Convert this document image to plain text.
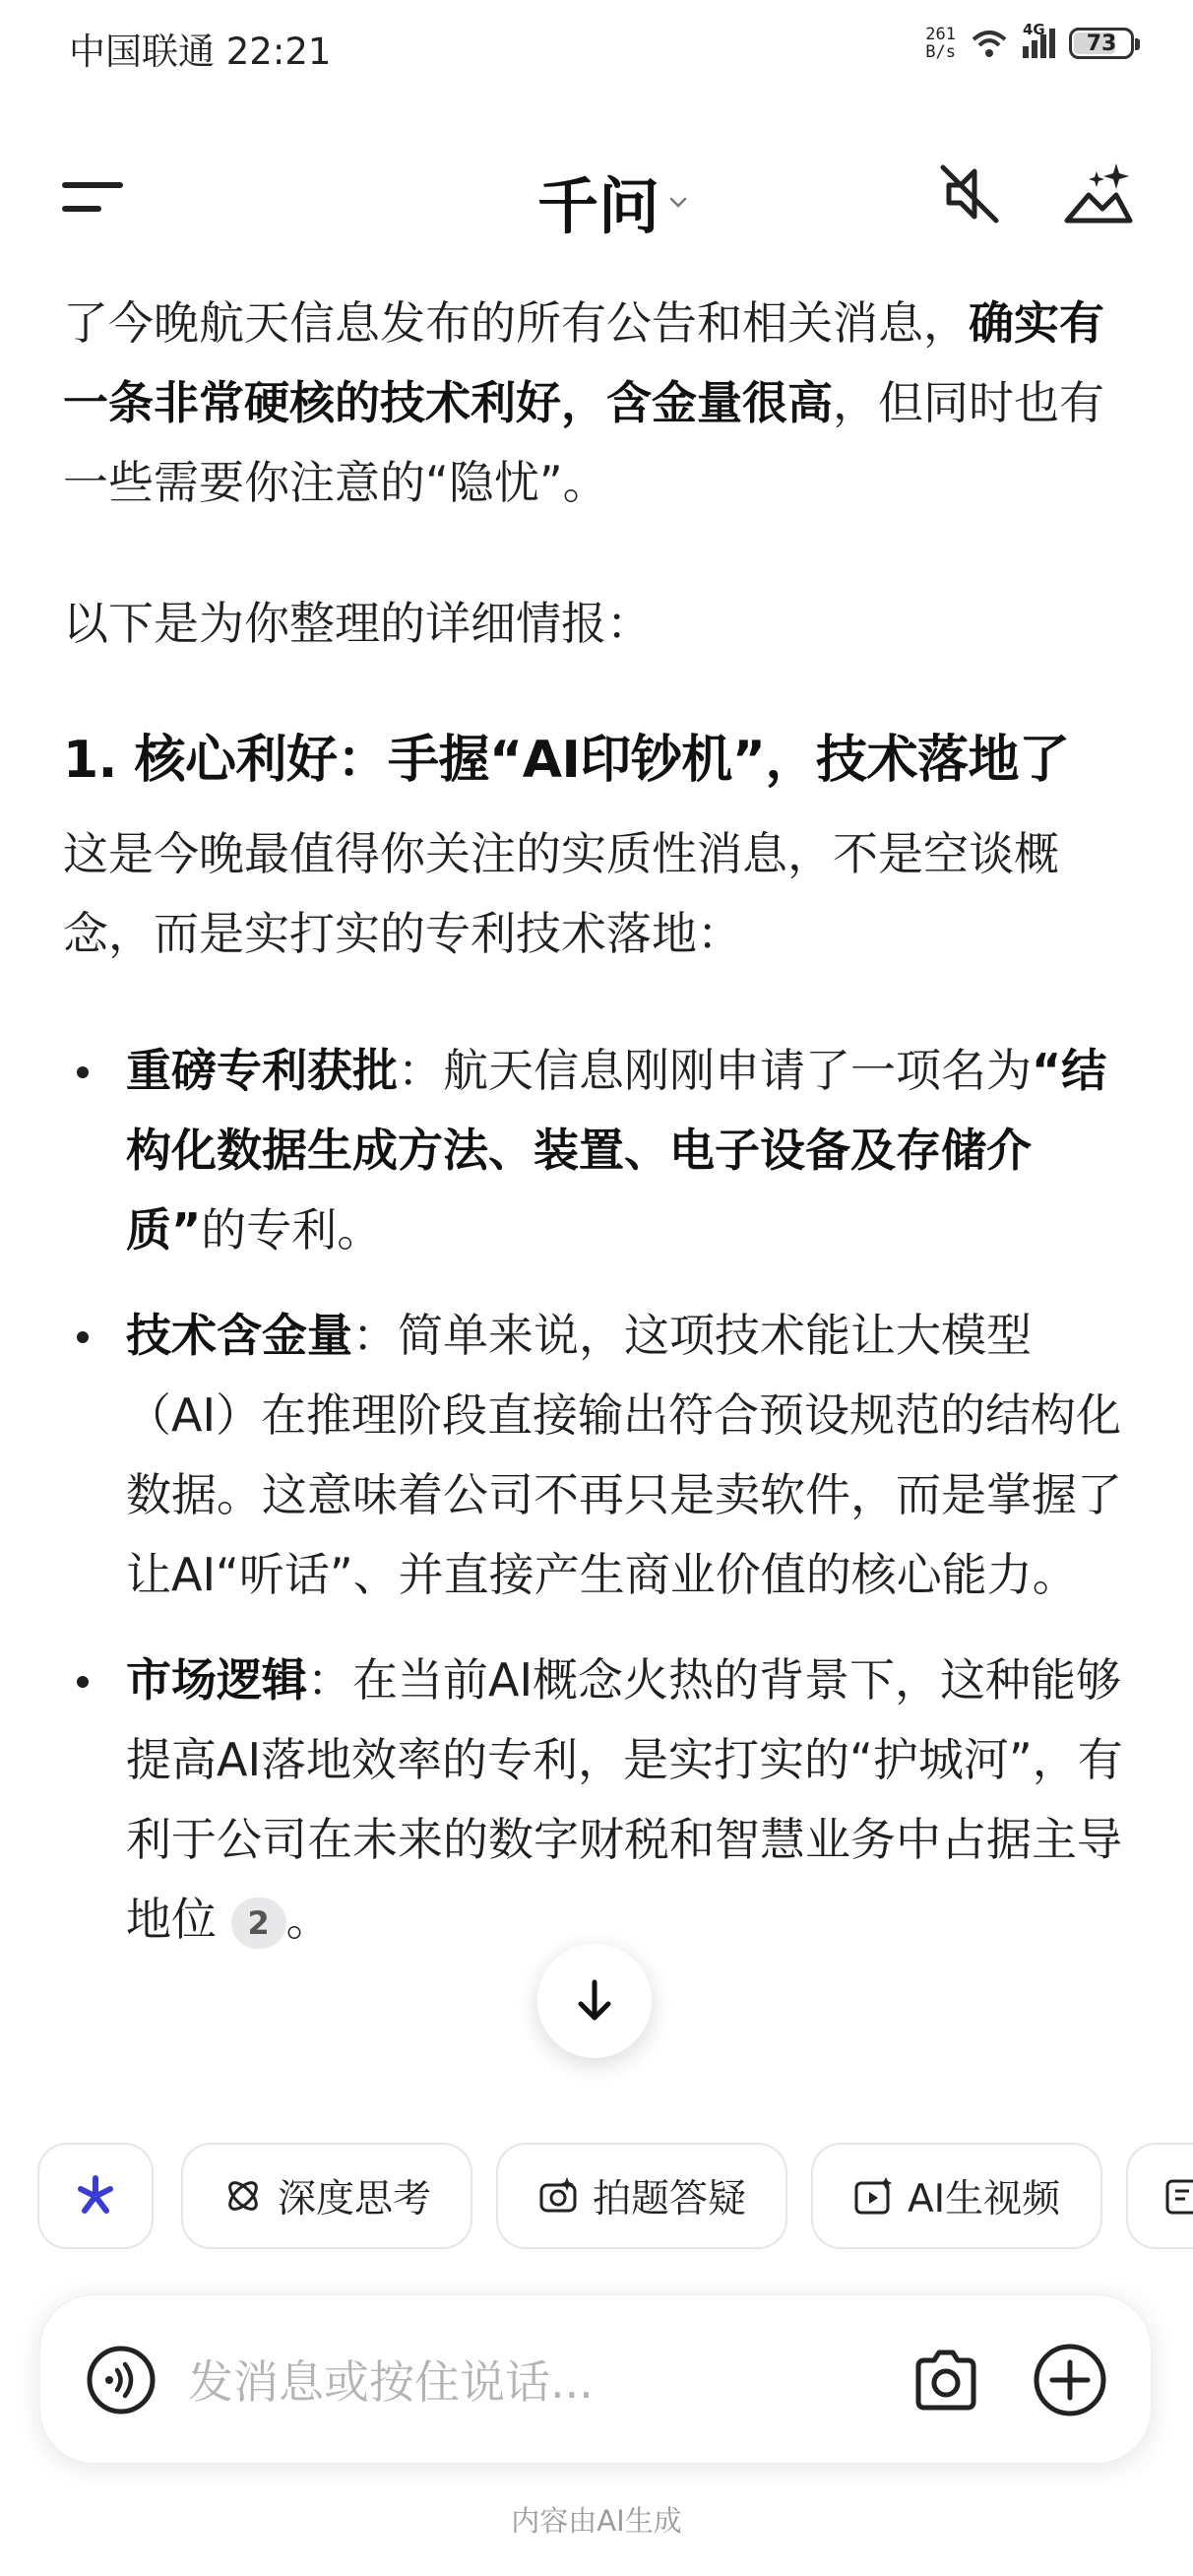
中国联通 22:21	261
B/s
4G
73
千问

了今晚航天信息发布的所有公告和相关消息，确实有一条非常硬核的技术利好，含金量很高，但同时也有一些需要你注意的“隐忧”。

以下是为你整理的详细情报：

1. 核心利好：手握“AI印钞机”，技术落地了

这是今晚最值得你关注的实质性消息，不是空谈概念，而是实打实的专利技术落地：

重磅专利获批：航天信息刚刚申请了一项名为“结构化数据生成方法、装置、电子设备及存储介质”的专利。
技术含金量：简单来说，这项技术能让大模型（AI）在推理阶段直接输出符合预设规范的结构化数据。这意味着公司不再只是卖软件，而是掌握了让AI“听话”、并直接产生商业价值的核心能力。
市场逻辑：在当前AI概念火热的背景下，这种能够提高AI落地效率的专利，是实打实的“护城河”，有利于公司在未来的数字财税和智慧业务中占据主导地位 2 。
深度思考	拍题答疑	AI生视频
发消息或按住说话...
内容由AI生成
